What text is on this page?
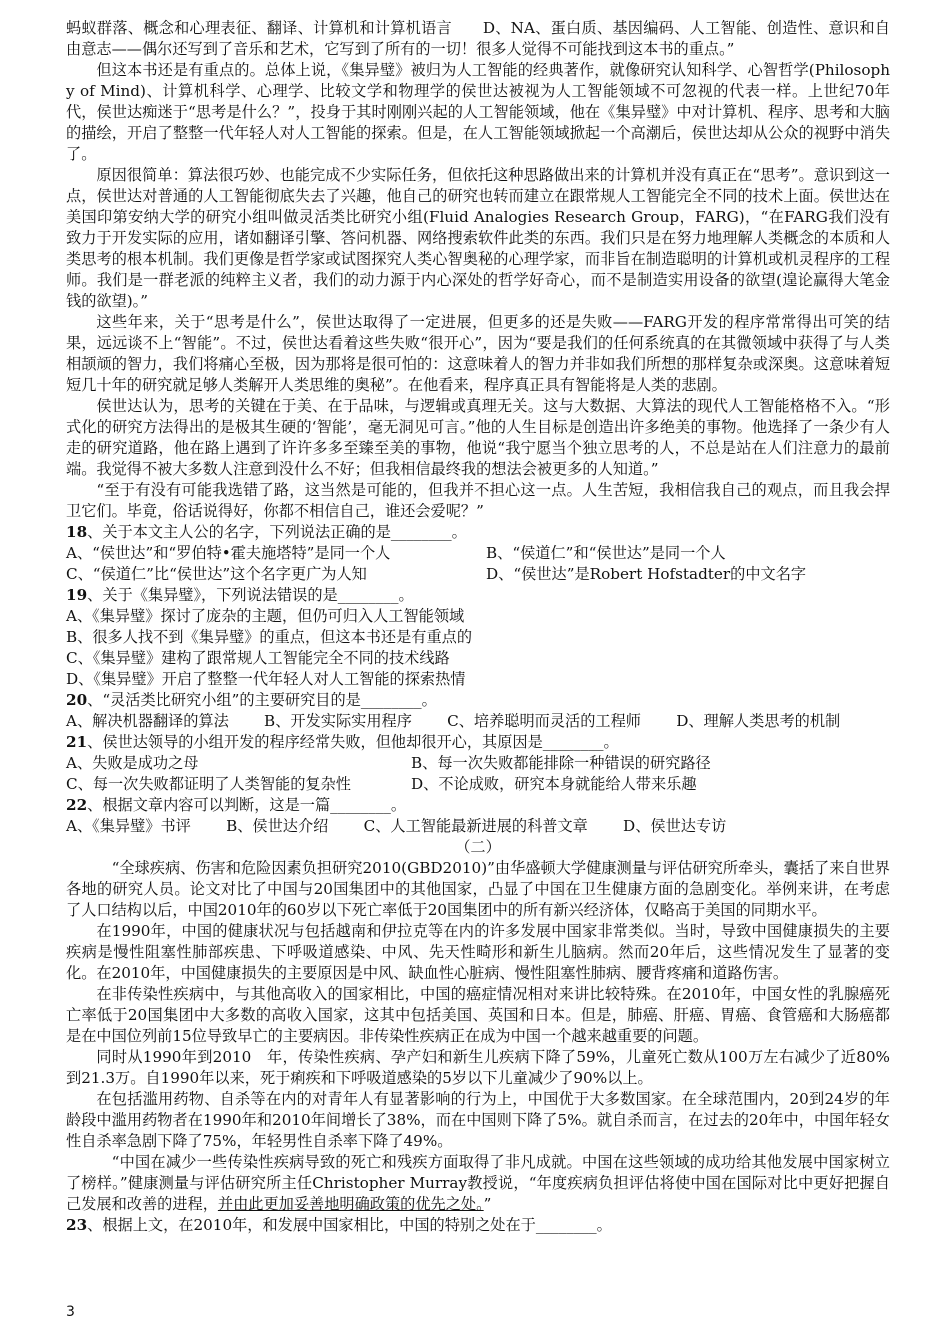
蚂蚁群落、概念和心理表征、翻译、计算机和计算机语言　　D、NA、蛋白质、基因编码、人工智能、创造性、意识和自由意志——偶尔还写到了音乐和艺术，它写到了所有的一切！很多人觉得不可能找到这本书的重点。”

但这本书还是有重点的。总体上说，《集异璧》被归为人工智能的经典著作，就像研究认知科学、心智哲学(Philosophy of Mind)、计算机科学、心理学、比较文学和物理学的侯世达被视为人工智能领域不可忽视的代表一样。上世纪70年代，侯世达痴迷于“思考是什么？”，投身于其时刚刚兴起的人工智能领域，他在《集异璧》中对计算机、程序、思考和大脑的描绘，开启了整整一代年轻人对人工智能的探索。但是，在人工智能领域掀起一个高潮后，侯世达却从公众的视野中消失了。

原因很简单：算法很巧妙、也能完成不少实际任务，但依托这种思路做出来的计算机并没有真正在“思考”。意识到这一点，侯世达对普通的人工智能彻底失去了兴趣，他自己的研究也转而建立在跟常规人工智能完全不同的技术上面。侯世达在美国印第安纳大学的研究小组叫做灵活类比研究小组(Fluid Analogies Research Group，FARG)，“在FARG我们没有致力于开发实际的应用，诸如翻译引擎、答问机器、网络搜索软件此类的东西。我们只是在努力地理解人类概念的本质和人类思考的根本机制。我们更像是哲学家或试图探究人类心智奥秘的心理学家，而非旨在制造聪明的计算机或机灵程序的工程师。我们是一群老派的纯粹主义者，我们的动力源于内心深处的哲学好奇心，而不是制造实用设备的欲望(遑论赢得大笔金钱的欲望)。”

这些年来，关于“思考是什么”，侯世达取得了一定进展，但更多的还是失败——FARG开发的程序常常得出可笑的结果，远远谈不上“智能”。不过，侯世达看着这些失败“很开心”，因为“要是我们的任何系统真的在其微领域中获得了与人类相颉颃的智力，我们将痛心至极，因为那将是很可怕的：这意味着人的智力并非如我们所想的那样复杂或深奥。这意味着短短几十年的研究就足够人类解开人类思维的奥秘”。在他看来，程序真正具有智能将是人类的悲剧。

侯世达认为，思考的关键在于美、在于品味，与逻辑或真理无关。这与大数据、大算法的现代人工智能格格不入。“形式化的研究方法得出的是极其生硬的‘智能’，毫无洞见可言。”他的人生目标是创造出许多绝美的事物。他选择了一条少有人走的研究道路，他在路上遇到了许许多多至臻至美的事物，他说“我宁愿当个独立思考的人，不总是站在人们注意力的最前端。我觉得不被大多数人注意到没什么不好；但我相信最终我的想法会被更多的人知道。”

“至于有没有可能我选错了路，这当然是可能的，但我并不担心这一点。人生苦短，我相信我自己的观点，而且我会捍卫它们。毕竟，俗话说得好，你都不相信自己，谁还会爱呢？”

18、关于本文主人公的名字，下列说法正确的是________。

A、“侯世达”和“罗伯特•霍夫施塔特”是同一个人	B、“侯道仁”和“侯世达”是同一个人
C、“侯道仁”比“侯世达”这个名字更广为人知	D、“侯世达”是Robert Hofstadter的中文名字

19、关于《集异璧》，下列说法错误的是________。

A、《集异璧》探讨了庞杂的主题，但仍可归入人工智能领域

B、很多人找不到《集异璧》的重点，但这本书还是有重点的

C、《集异璧》建构了跟常规人工智能完全不同的技术线路

D、《集异璧》开启了整整一代年轻人对人工智能的探索热情

20、“灵活类比研究小组”的主要研究目的是________。

A、解决机器翻译的算法　　 B、开发实际实用程序　　 C、培养聪明而灵活的工程师　　 D、理解人类思考的机制

21、侯世达领导的小组开发的程序经常失败，但他却很开心，其原因是________。

A、失败是成功之母	B、每一次失败都能排除一种错误的研究路径
C、每一次失败都证明了人类智能的复杂性	D、不论成败，研究本身就能给人带来乐趣

22、根据文章内容可以判断，这是一篇________。

A、《集异璧》书评　　 B、侯世达介绍　　 C、人工智能最新进展的科普文章　　 D、侯世达专访

（二）

“全球疾病、伤害和危险因素负担研究2010(GBD2010)”由华盛顿大学健康测量与评估研究所牵头，囊括了来自世界各地的研究人员。论文对比了中国与20国集团中的其他国家，凸显了中国在卫生健康方面的急剧变化。举例来讲，在考虑了人口结构以后，中国2010年的60岁以下死亡率低于20国集团中的所有新兴经济体，仅略高于美国的同期水平。

在1990年，中国的健康状况与包括越南和伊拉克等在内的许多发展中国家非常类似。当时，导致中国健康损失的主要疾病是慢性阻塞性肺部疾患、下呼吸道感染、中风、先天性畸形和新生儿脑病。然而20年后，这些情况发生了显著的变化。在2010年，中国健康损失的主要原因是中风、缺血性心脏病、慢性阻塞性肺病、腰背疼痛和道路伤害。

在非传染性疾病中，与其他高收入的国家相比，中国的癌症情况相对来讲比较特殊。在2010年，中国女性的乳腺癌死亡率低于20国集团中大多数的高收入国家，这其中包括美国、英国和日本。但是，肺癌、肝癌、胃癌、食管癌和大肠癌都是在中国位列前15位导致早亡的主要病因。非传染性疾病正在成为中国一个越来越重要的问题。

同时从1990年到2010　年，传染性疾病、孕产妇和新生儿疾病下降了59%，儿童死亡数从100万左右减少了近80%到21.3万。自1990年以来，死于痢疾和下呼吸道感染的5岁以下儿童减少了90%以上。

在包括滥用药物、自杀等在内的对青年人有显著影响的行为上，中国优于大多数国家。在全球范围内，20到24岁的年龄段中滥用药物者在1990年和2010年间增长了38%，而在中国则下降了5%。就自杀而言，在过去的20年中，中国年轻女性自杀率急剧下降了75%，年轻男性自杀率下降了49%。

“中国在减少一些传染性疾病导致的死亡和残疾方面取得了非凡成就。中国在这些领域的成功给其他发展中国家树立了榜样。”健康测量与评估研究所主任Christopher Murray教授说，“年度疾病负担评估将使中国在国际对比中更好把握自己发展和改善的进程，并由此更加妥善地明确政策的优先之处。”

23、根据上文，在2010年，和发展中国家相比，中国的特别之处在于________。

3
